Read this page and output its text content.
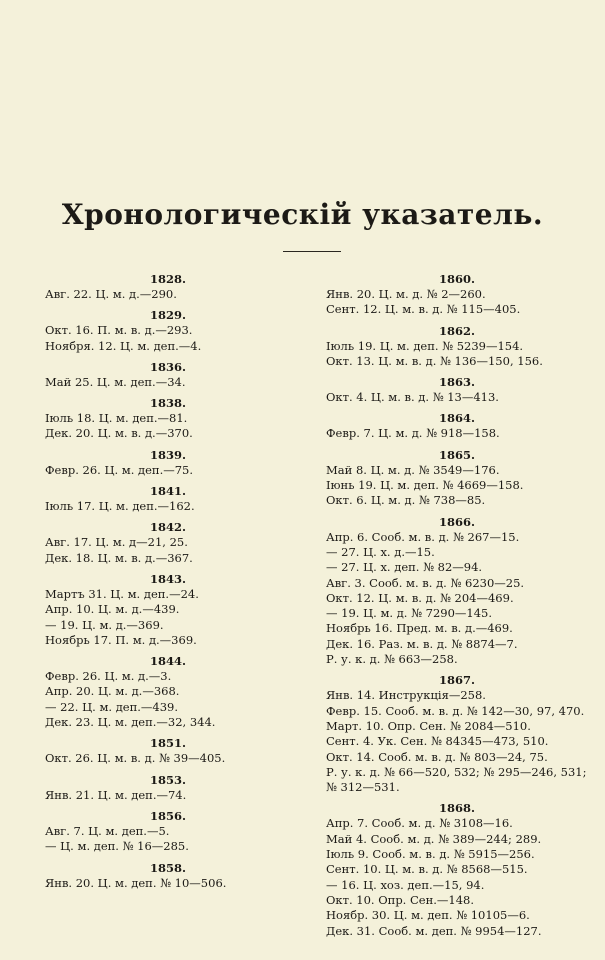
Хронологическій указатель.
1828.
Авг. 22. Ц. м. д.—290.
1829.
Окт. 16. П. м. в. д.—293.
Ноября. 12. Ц. м. деп.—4.
1836.
Май 25. Ц. м. деп.—34.
1838.
Іюль 18. Ц. м. деп.—81.
Дек. 20. Ц. м. в. д.—370.
1839.
Февр. 26. Ц. м. деп.—75.
1841.
Іюль 17. Ц. м. деп.—162.
1842.
Авг. 17. Ц. м. д—21, 25.
Дек. 18. Ц. м. в. д.—367.
1843.
Мартъ 31. Ц. м. деп.—24.
Апр. 10. Ц. м. д.—439.
— 19. Ц. м. д.—369.
Ноябрь 17. П. м. д.—369.
1844.
Февр. 26. Ц. м. д.—3.
Апр. 20. Ц. м. д.—368.
— 22. Ц. м. деп.—439.
Дек. 23. Ц. м. деп.—32, 344.
1851.
Окт. 26. Ц. м. в. д. № 39—405.
1853.
Янв. 21. Ц. м. деп.—74.
1856.
Авг. 7. Ц. м. деп.—5.
— Ц. м. деп. № 16—285.
1858.
Янв. 20. Ц. м. деп. № 10—506.
1860.
Янв. 20. Ц. м. д. № 2—260.
Сент. 12. Ц. м. в. д. № 115—405.
1862.
Іюль 19. Ц. м. деп. № 5239—154.
Окт. 13. Ц. м. в. д. № 136—150, 156.
1863.
Окт. 4. Ц. м. в. д. № 13—413.
1864.
Февр. 7. Ц. м. д. № 918—158.
1865.
Май 8. Ц. м. д. № 3549—176.
Іюнь 19. Ц. м. деп. № 4669—158.
Окт. 6. Ц. м. д. № 738—85.
1866.
Апр. 6. Сооб. м. в. д. № 267—15.
— 27. Ц. х. д.—15.
— 27. Ц. х. деп. № 82—94.
Авг. 3. Сооб. м. в. д. № 6230—25.
Окт. 12. Ц. м. в. д. № 204—469.
— 19. Ц. м. д. № 7290—145.
Ноябрь 16. Пред. м. в. д.—469.
Дек. 16. Раз. м. в. д. № 8874—7.
Р. у. к. д. № 663—258.
1867.
Янв. 14. Инструкція—258.
Февр. 15. Сооб. м. в. д. № 142—30, 97, 470.
Март. 10. Опр. Сен. № 2084—510.
Сент. 4. Ук. Сен. № 84345—473, 510.
Окт. 14. Сооб. м. в. д. № 803—24, 75.
Р. у. к. д. № 66—520, 532; № 295—246, 531; № 312—531.
1868.
Апр. 7. Сооб. м. д. № 3108—16.
Май 4. Сооб. м. д. № 389—244; 289.
Іюль 9. Сооб. м. в. д. № 5915—256.
Сент. 10. Ц. м. в. д. № 8568—515.
— 16. Ц. хоз. деп.—15, 94.
Окт. 10. Опр. Сен.—148.
Ноябр. 30. Ц. м. деп. № 10105—6.
Дек. 31. Сооб. м. деп. № 9954—127.
